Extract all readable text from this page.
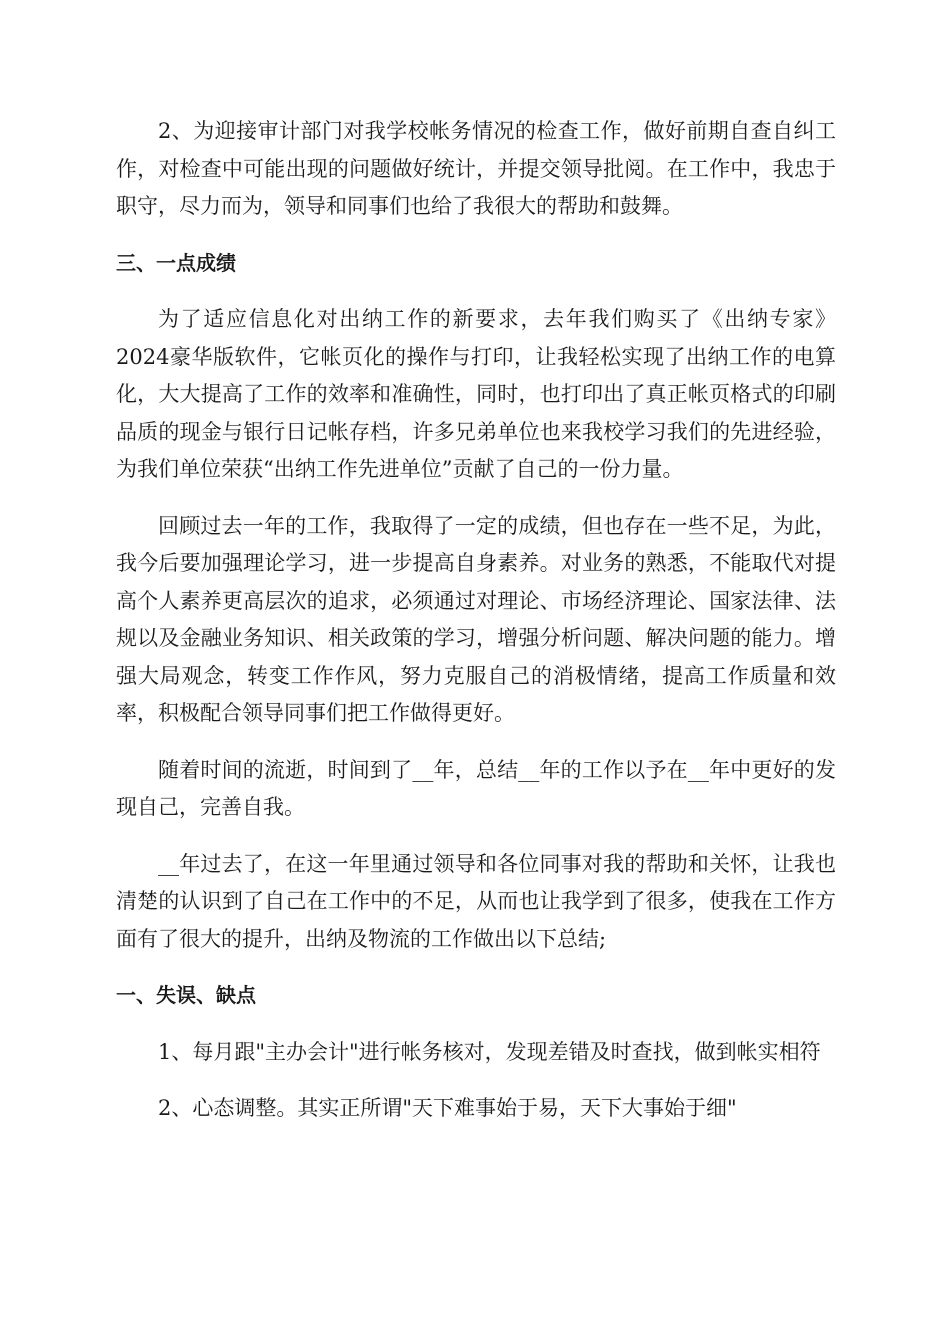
2、为迎接审计部门对我学校帐务情况的检查工作，做好前期自查自纠工作，对检查中可能出现的问题做好统计，并提交领导批阅。在工作中，我忠于职守，尽力而为，领导和同事们也给了我很大的帮助和鼓舞。

三、一点成绩

为了适应信息化对出纳工作的新要求，去年我们购买了《出纳专家》2024豪华版软件，它帐页化的操作与打印，让我轻松实现了出纳工作的电算化，大大提高了工作的效率和准确性，同时，也打印出了真正帐页格式的印刷品质的现金与银行日记帐存档，许多兄弟单位也来我校学习我们的先进经验，为我们单位荣获“出纳工作先进单位”贡献了自己的一份力量。

回顾过去一年的工作，我取得了一定的成绩，但也存在一些不足，为此，我今后要加强理论学习，进一步提高自身素养。对业务的熟悉，不能取代对提高个人素养更高层次的追求，必须通过对理论、市场经济理论、国家法律、法规以及金融业务知识、相关政策的学习，增强分析问题、解决问题的能力。增强大局观念，转变工作作风，努力克服自己的消极情绪，提高工作质量和效率，积极配合领导同事们把工作做得更好。

随着时间的流逝，时间到了__年，总结__年的工作以予在__年中更好的发现自己，完善自我。

__年过去了，在这一年里通过领导和各位同事对我的帮助和关怀，让我也清楚的认识到了自己在工作中的不足，从而也让我学到了很多，使我在工作方面有了很大的提升，出纳及物流的工作做出以下总结;

一、失误、缺点

1、每月跟"主办会计"进行帐务核对，发现差错及时查找，做到帐实相符

2、心态调整。其实正所谓"天下难事始于易，天下大事始于细"
